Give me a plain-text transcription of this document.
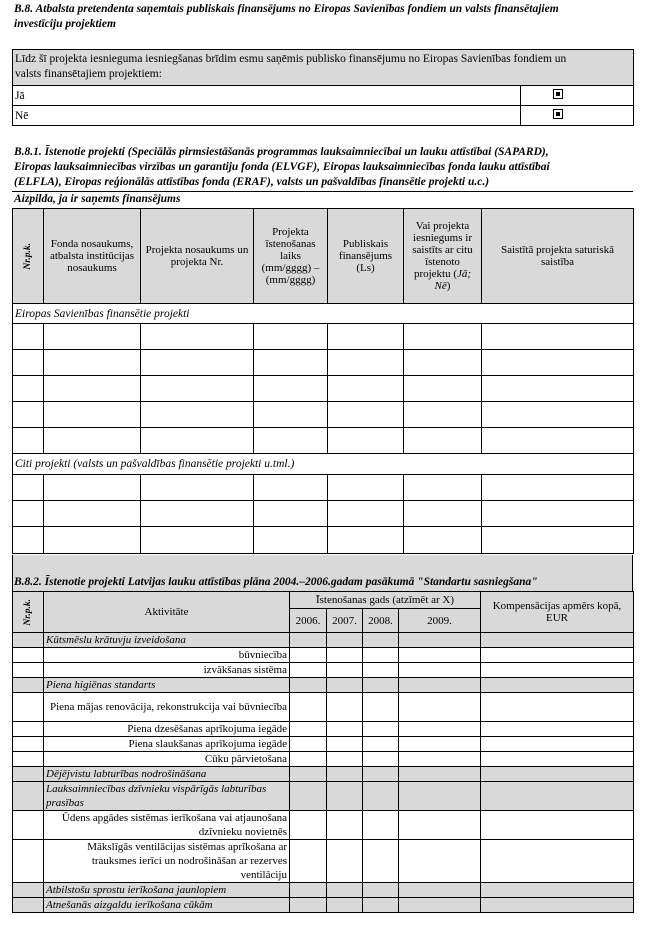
B.8. Atbalsta pretendenta saņemtais publiskais finansējums no Eiropas Savienības fondiem un valsts finansētajiem
investīciju projektiem
Līdz šī projekta iesnieguma iesniegšanas brīdim esmu saņēmis publisko finansējumu no Eiropas Savienības fondiem un
valsts finansētajiem projektiem:	

Jā	
Nē	
B.8.1. Īstenotie projekti (Speciālās pirmsiestāšanās programmas lauksaimniecībai un lauku attīstībai (SAPARD),
Eiropas lauksaimniecības virzības un garantiju fonda (ELVGF), Eiropas lauksaimniecības fonda lauku attīstībai
(ELFLA), Eiropas reģionālās attīstības fonda (ERAF), valsts un pašvaldības finansētie projekti u.c.)
Aizpilda, ja ir saņemts finansējums
Nr.p.k.	Fonda nosaukums, atbalsta institūcijas nosaukums	Projekta nosaukums un projekta Nr.	Projekta īstenošanas laiks (mm/gggg) – (mm/gggg)	Publiskais finansējums (Ls)	Vai projekta iesniegums ir saistīts ar citu īstenoto projektu (Jā; Nē)	Saistītā projekta saturiskā saistība
Eiropas Savienības finansētie projekti						

Citi projekti (valsts un pašvaldības finansētie projekti u.tml.)						

B.8.2. Īstenotie projekti Latvijas lauku attīstības plāna 2004.–2006.gadam pasākumā "Standartu sasniegšana"
Nr.p.k.	Aktivitāte	Īstenošanas gads (atzīmēt ar X)				Kompensācijas apmērs kopā, EUR
		2006.	2007.	2008.	2009.	
	Kūtsmēslu krātuvju izveidošana					
	būvniecība					
	izvākšanas sistēma					
	Piena higiēnas standarts					
	Piena mājas renovācija, rekonstrukcija vai būvniecība					
	Piena dzesēšanas aprīkojuma iegāde					
	Piena slaukšanas aprīkojuma iegāde					
	Cūku pārvietošana					
	Dējējvistu labturības nodrošināšana					
	Lauksaimniecības dzīvnieku vispārīgās labturības prasības					
	Ūdens apgādes sistēmas ierīkošana vai atjaunošana dzīvnieku novietnēs					
	Mākslīgās ventilācijas sistēmas aprīkošana ar trauksmes ierīci un nodrošināšan ar rezerves ventilāciju					
	Atbilstošu sprostu ierīkošana jaunlopiem					
	Atnešanās aizgaldu ierīkošana cūkām					
